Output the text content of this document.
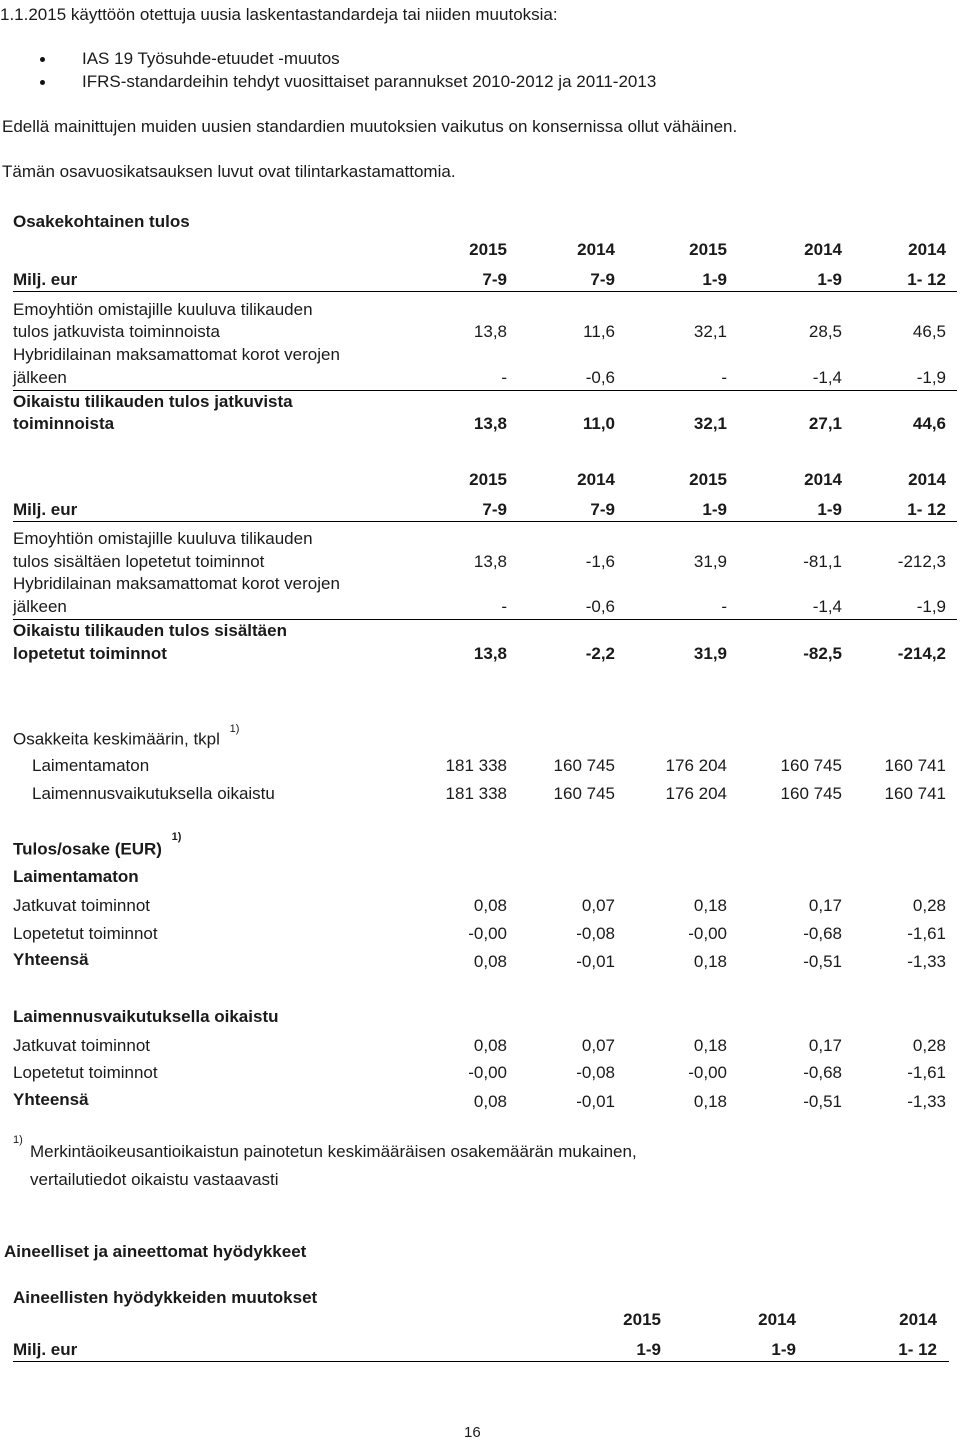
1.1.2015 käyttöön otettuja uusia laskentastandardeja tai niiden muutoksia:
IAS 19 Työsuhde-etuudet -muutos
IFRS-standardeihin tehdyt vuosittaiset parannukset 2010-2012 ja 2011-2013
Edellä mainittujen muiden uusien standardien muutoksien vaikutus on konsernissa ollut vähäinen.
Tämän osavuosikatsauksen luvut ovat tilintarkastamattomia.
Osakekohtainen tulos
2015	2014	2015	2014	2014
Milj. eur	7-9	7-9	1-9	1-9	1- 12
Emoyhtiön omistajille kuuluva tilikauden
tulos jatkuvista toiminnoista	13,8	11,6	32,1	28,5	46,5
Hybridilainan maksamattomat korot verojen
jälkeen	-	-0,6	-	-1,4	-1,9
Oikaistu tilikauden tulos jatkuvista
toiminnoista	13,8	11,0	32,1	27,1	44,6
2015	2014	2015	2014	2014
Milj. eur	7-9	7-9	1-9	1-9	1- 12
Emoyhtiön omistajille kuuluva tilikauden
tulos sisältäen lopetetut toiminnot	13,8	-1,6	31,9	-81,1	-212,3
Hybridilainan maksamattomat korot verojen
jälkeen	-	-0,6	-	-1,4	-1,9
Oikaistu tilikauden tulos sisältäen
lopetetut toiminnot	13,8	-2,2	31,9	-82,5	-214,2
Osakkeita keskimäärin, tkpl $^{1)}$
Laimentamaton	181 338	160 745	176 204	160 745	160 741
Laimennusvaikutuksella oikaistu	181 338	160 745	176 204	160 745	160 741
Tulos/osake (EUR) $^{1)}$
Laimentamaton
Jatkuvat toiminnot	0,08	0,07	0,18	0,17	0,28
Lopetetut toiminnot	-0,00	-0,08	-0,00	-0,68	-1,61
Yhteensä	0,08	-0,01	0,18	-0,51	-1,33
Laimennusvaikutuksella oikaistu
Jatkuvat toiminnot	0,08	0,07	0,18	0,17	0,28
Lopetetut toiminnot	-0,00	-0,08	-0,00	-0,68	-1,61
Yhteensä	0,08	-0,01	0,18	-0,51	-1,33
1)
Merkintäoikeusantioikaistun painotetun keskimääräisen osakemäärän mukainen,
vertailutiedot oikaistu vastaavasti
Aineelliset ja aineettomat hyödykkeet
Aineellisten hyödykkeiden muutokset
2015	2014	2014
Milj. eur	1-9	1-9	1- 12
16
